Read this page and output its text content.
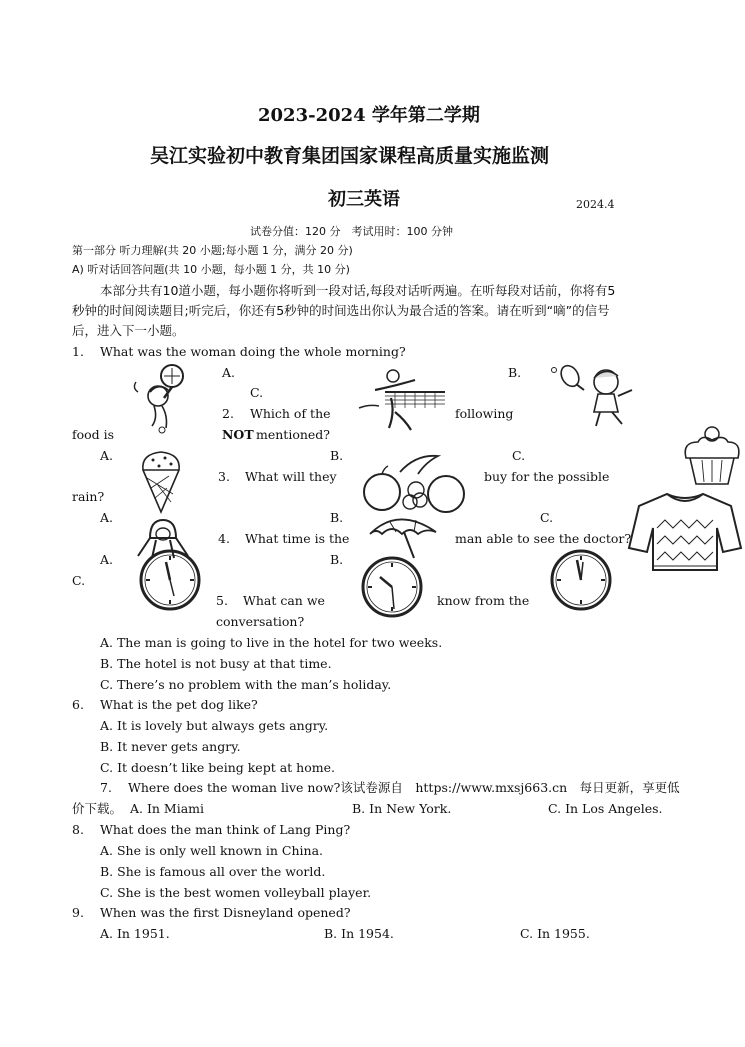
2023-2024 学年第二学期
吴江实验初中教育集团国家课程高质量实施监测
初三英语	2024.4
试卷分值：120 分　考试用时：100 分钟
第一部分 听力理解(共 20 小题;每小题 1 分，满分 20 分)
A) 听对话回答问题(共 10 小题，每小题 1 分，共 10 分)
本部分共有10道小题，每小题你将听到一段对话,每段对话听两遍。在听每段对话前，你将有5
秒钟的时间阅读题目;听完后，你还有5秒钟的时间选出你认为最合适的答案。请在听到“嘀”的信号
后，进入下一小题。
1. What was the woman doing the whole morning?
A.	B.
C.
2. Which of the	following
food is	NOT mentioned?
A.	B.	C.
3. What will they	buy for the possible
rain?
A.	B.	C.
4. What time is the	man able to see the doctor?
A.	B.
C.
5. What can we	know from the
conversation?
A. The man is going to live in the hotel for two weeks.
B. The hotel is not busy at that time.
C. There’s no problem with the man’s holiday.
6. What is the pet dog like?
A. It is lovely but always gets angry.
B. It never gets angry.
C. It doesn’t like being kept at home.
7. Where does the woman live now?该试卷源自　https://www.mxsj663.cn　每日更新，享更低
价下载。 A. In Miami	B. In New York.	C. In Los Angeles.
8. What does the man think of Lang Ping?
A. She is only well known in China.
B. She is famous all over the world.
C. She is the best women volleyball player.
9. When was the first Disneyland opened?
A. In 1951.	B. In 1954.	C. In 1955.
